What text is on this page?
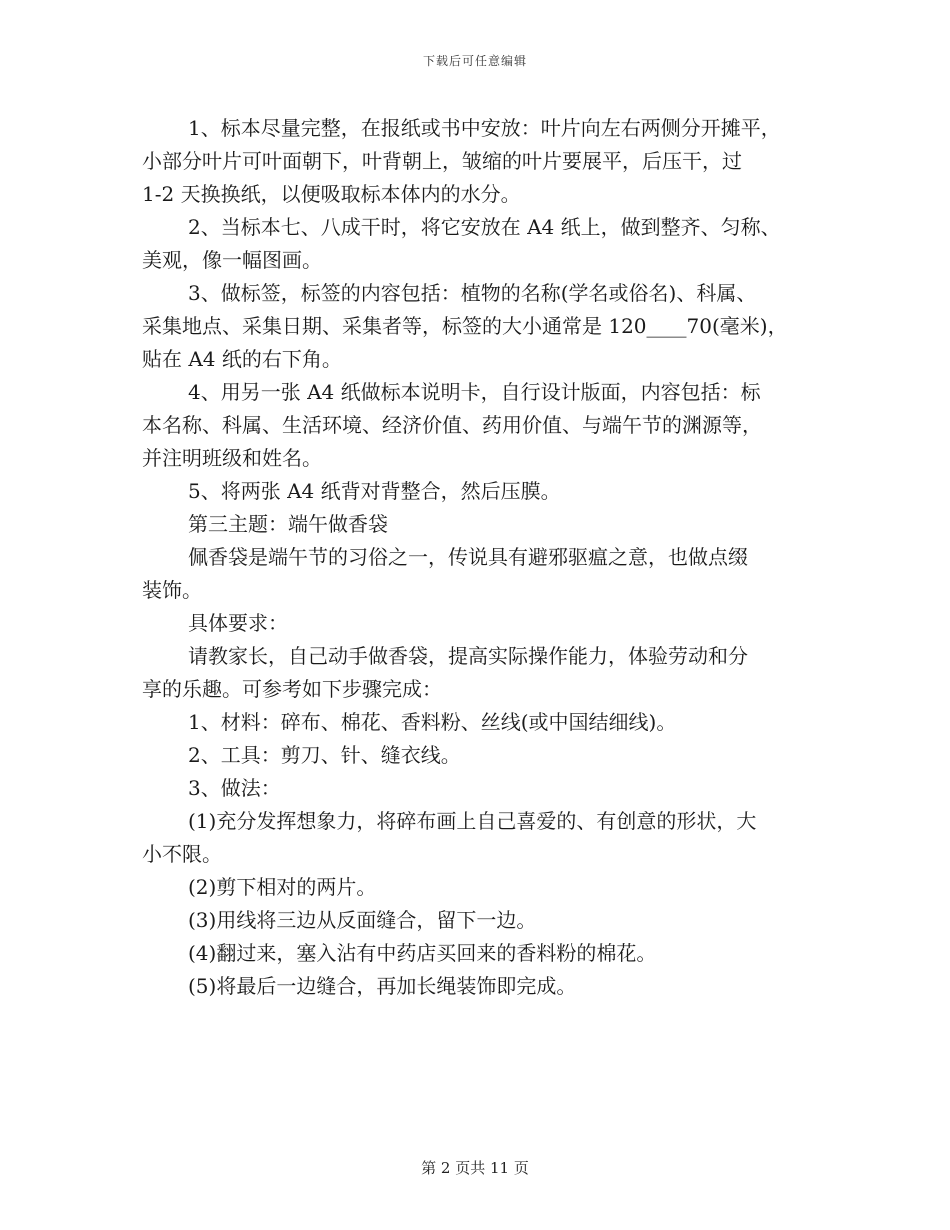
下载后可任意编辑

1、标本尽量完整，在报纸或书中安放：叶片向左右两侧分开摊平，
小部分叶片可叶面朝下，叶背朝上，皱缩的叶片要展平，后压干，过
1-2 天换换纸，以便吸取标本体内的水分。

2、当标本七、八成干时，将它安放在 A4 纸上，做到整齐、匀称、
美观，像一幅图画。

3、做标签，标签的内容包括：植物的名称(学名或俗名)、科属、
采集地点、采集日期、采集者等，标签的大小通常是 120____70(毫米)，
贴在 A4 纸的右下角。

4、用另一张 A4 纸做标本说明卡，自行设计版面，内容包括：标
本名称、科属、生活环境、经济价值、药用价值、与端午节的渊源等，
并注明班级和姓名。

5、将两张 A4 纸背对背整合，然后压膜。

第三主题：端午做香袋

佩香袋是端午节的习俗之一，传说具有避邪驱瘟之意，也做点缀
装饰。

具体要求：

请教家长，自己动手做香袋，提高实际操作能力，体验劳动和分
享的乐趣。可参考如下步骤完成：

1、材料：碎布、棉花、香料粉、丝线(或中国结细线)。

2、工具：剪刀、针、缝衣线。

3、做法：

(1)充分发挥想象力，将碎布画上自己喜爱的、有创意的形状，大
小不限。

(2)剪下相对的两片。

(3)用线将三边从反面缝合，留下一边。

(4)翻过来，塞入沾有中药店买回来的香料粉的棉花。

(5)将最后一边缝合，再加长绳装饰即完成。

第 2 页共 11 页
